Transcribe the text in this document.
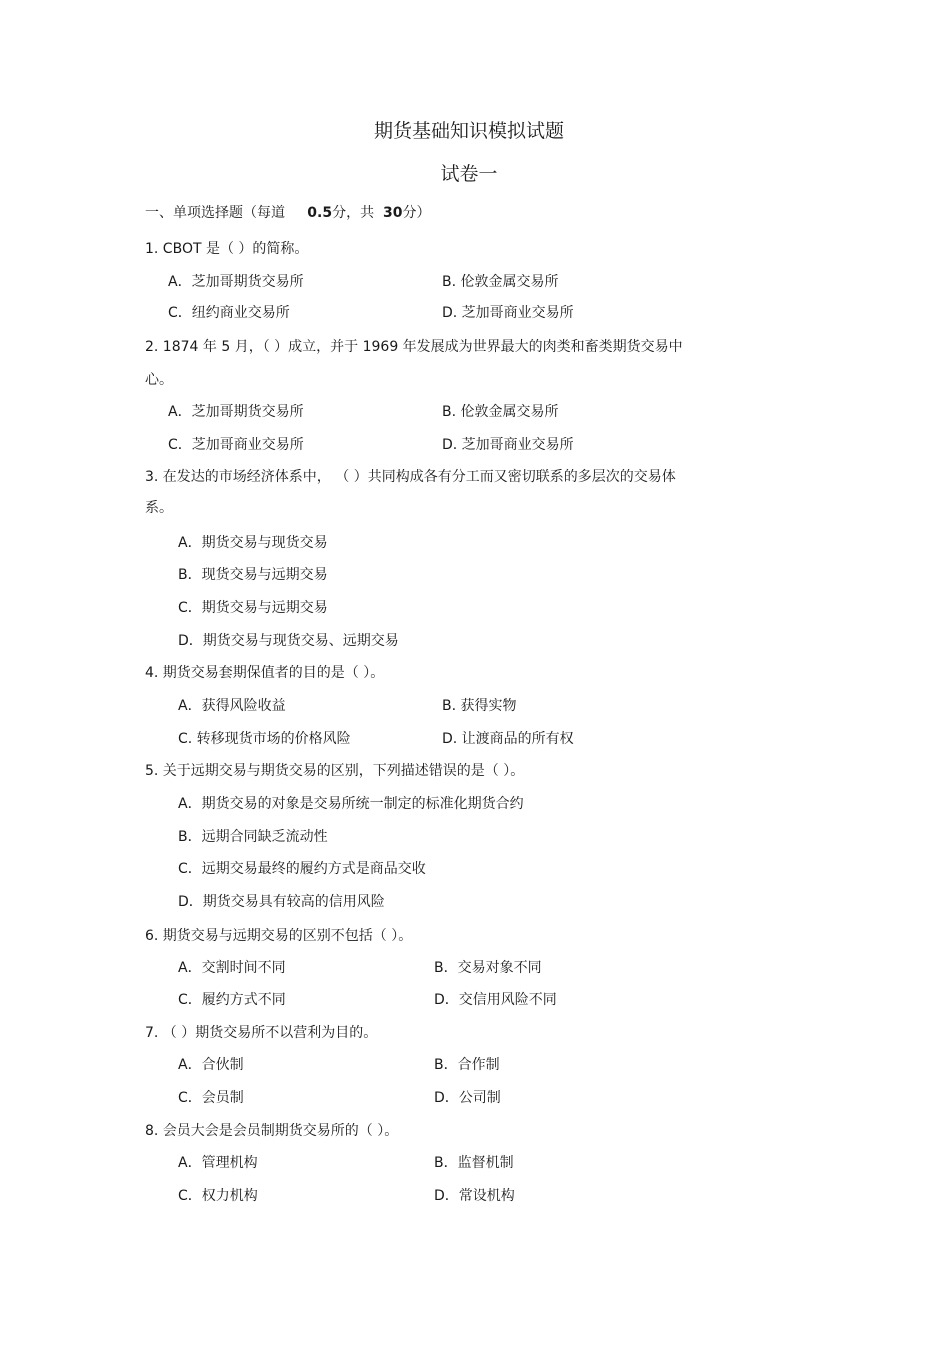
期货基础知识模拟试题
试卷一
一、单项选择题（每道 0.5分，共 30分）
1. CBOT 是（ ）的简称。
A．芝加哥期货交易所	B. 伦敦金属交易所
C．纽约商业交易所	D. 芝加哥商业交易所
2. 1874 年 5 月，（ ）成立，并于 1969 年发展成为世界最大的肉类和畜类期货交易中
心。
A．芝加哥期货交易所	B. 伦敦金属交易所
C．芝加哥商业交易所	D. 芝加哥商业交易所
3. 在发达的市场经济体系中， （ ）共同构成各有分工而又密切联系的多层次的交易体
系。
A．期货交易与现货交易
B．现货交易与远期交易
C．期货交易与远期交易
D．期货交易与现货交易、远期交易
4. 期货交易套期保值者的目的是（ ）。
A．获得风险收益	B. 获得实物
C. 转移现货市场的价格风险	D. 让渡商品的所有权
5. 关于远期交易与期货交易的区别，下列描述错误的是（ ）。
A．期货交易的对象是交易所统一制定的标准化期货合约
B．远期合同缺乏流动性
C．远期交易最终的履约方式是商品交收
D．期货交易具有较高的信用风险
6. 期货交易与远期交易的区别不包括（ ）。
A．交割时间不同	B．交易对象不同
C．履约方式不同	D．交信用风险不同
7. （ ）期货交易所不以营利为目的。
A．合伙制	B．合作制
C．会员制	D．公司制
8. 会员大会是会员制期货交易所的（ ）。
A．管理机构	B．监督机制
C．权力机构	D．常设机构
